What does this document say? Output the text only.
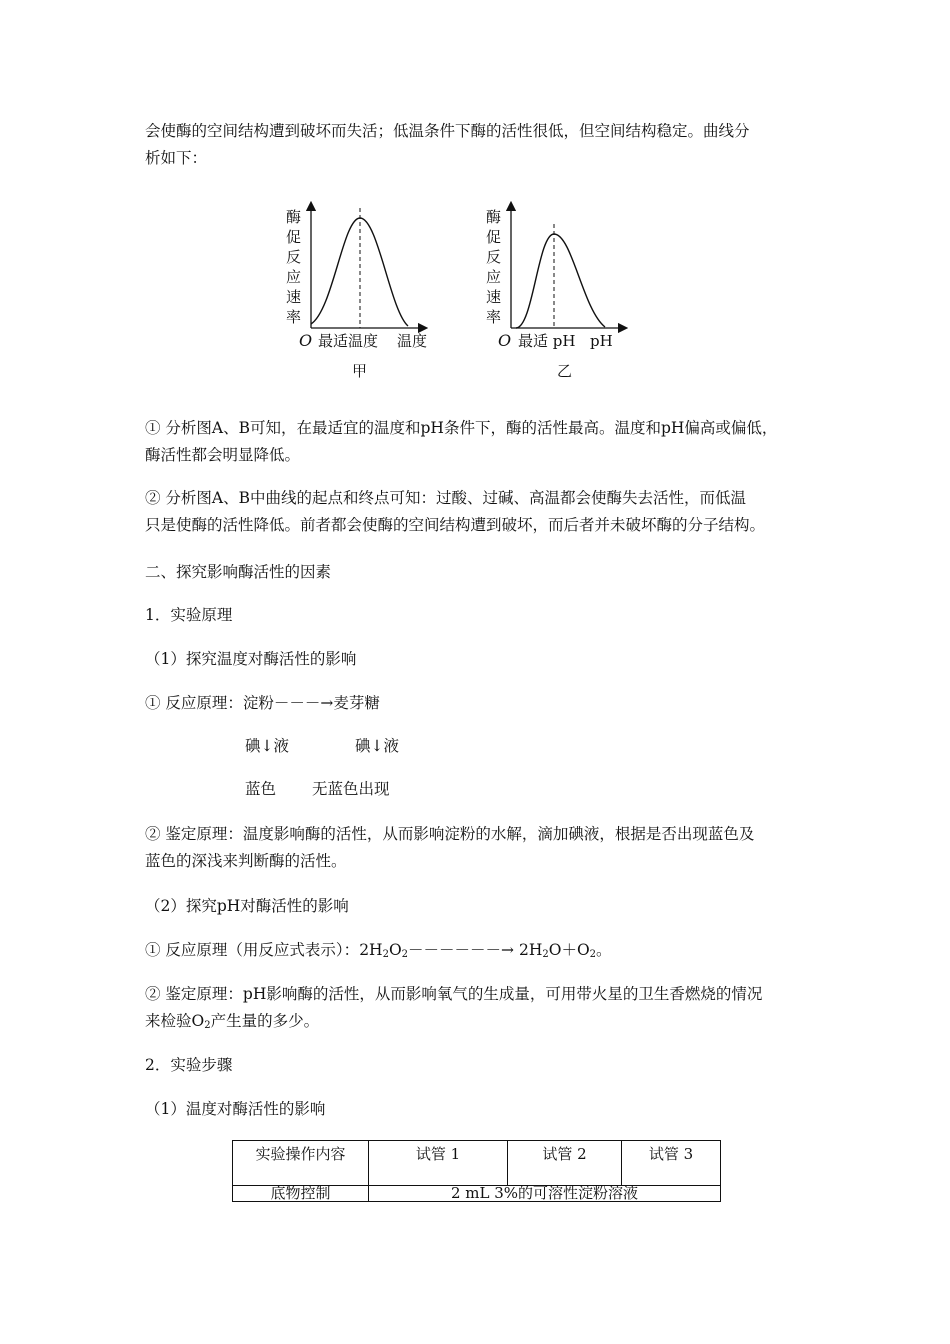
会使酶的空间结构遭到破坏而失活；低温条件下酶的活性很低，但空间结构稳定。曲线分

析如下：

酶
促
反
应
速
率
O 最适温度 温度
甲
酶
促
反
应
速
率
O 最适 pH pH
乙

① 分析图A、B可知，在最适宜的温度和pH条件下，酶的活性最高。温度和pH偏高或偏低，

酶活性都会明显降低。

② 分析图A、B中曲线的起点和终点可知：过酸、过碱、高温都会使酶失去活性，而低温

只是使酶的活性降低。前者都会使酶的空间结构遭到破坏，而后者并未破坏酶的分子结构。

二、探究影响酶活性的因素

1．实验原理

（1）探究温度对酶活性的影响

① 反应原理：淀粉－－－→麦芽糖

碘↓液	碘↓液
蓝色 无蓝色出现

② 鉴定原理：温度影响酶的活性，从而影响淀粉的水解，滴加碘液，根据是否出现蓝色及

蓝色的深浅来判断酶的活性。

（2）探究pH对酶活性的影响

① 反应原理（用反应式表示）：$2H_2O_2------\to 2H_2O+O_2$。

② 鉴定原理：pH影响酶的活性，从而影响氧气的生成量，可用带火星的卫生香燃烧的情况

来检验$O_2$产生量的多少。

2．实验步骤

（1）温度对酶活性的影响

实验操作内容	试管 1	试管 2	试管 3
底物控制	2 mL 3%的可溶性淀粉溶液		
